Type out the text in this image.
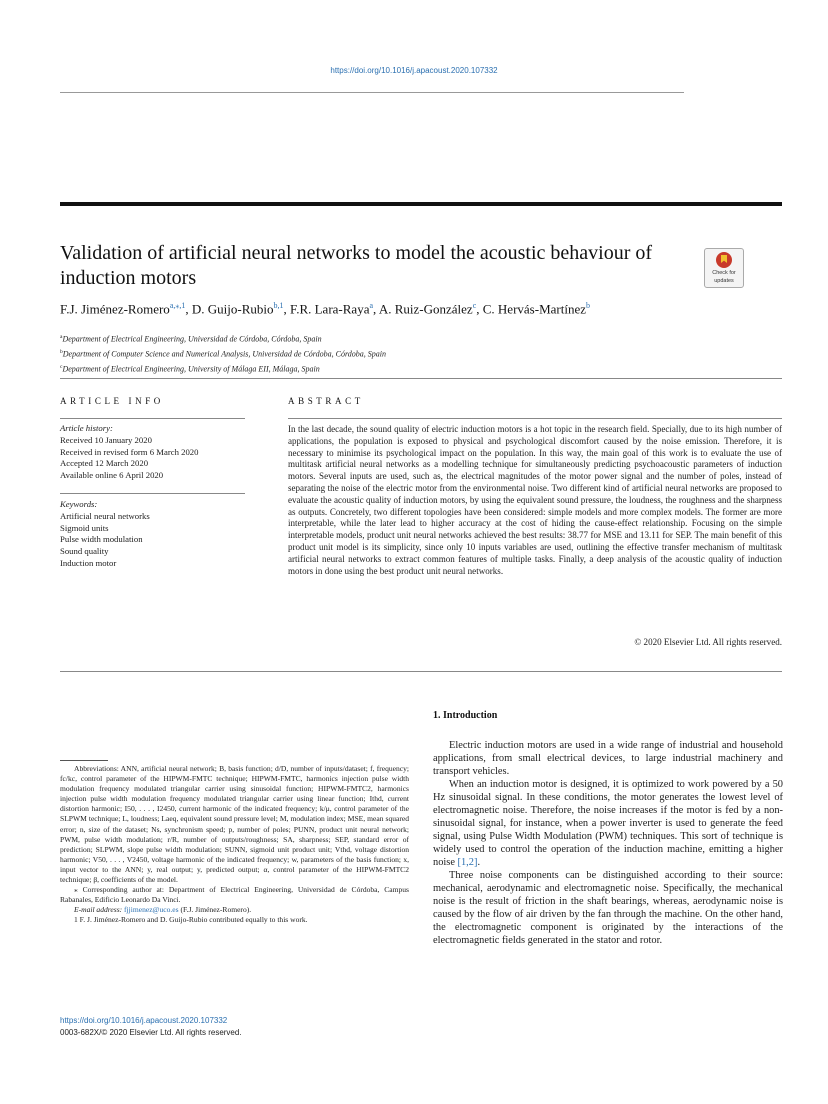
https://doi.org/10.1016/j.apacoust.2020.107332
Validation of artificial neural networks to model the acoustic behaviour of induction motors	Check for
updates
F.J. Jiménez-Romero$^{a,⁎,1}$, D. Guijo-Rubio$^{b,1}$, F.R. Lara-Raya$^a$, A. Ruiz-González$^c$, C. Hervás-Martínez$^b$
$^a$Department of Electrical Engineering, Universidad de Córdoba, Córdoba, Spain
$^b$Department of Computer Science and Numerical Analysis, Universidad de Córdoba, Córdoba, Spain
$^c$Department of Electrical Engineering, University of Málaga EII, Málaga, Spain
ARTICLE INFO	ABSTRACT
Article history:
Received 10 January 2020
Received in revised form 6 March 2020
Accepted 12 March 2020
Available online 6 April 2020
Keywords:
Artificial neural networks
Sigmoid units
Pulse width modulation
Sound quality
Induction motor
In the last decade, the sound quality of electric induction motors is a hot topic in the research field. Specially, due to its high number of applications, the population is exposed to physical and psychological discomfort caused by the noise emission. Therefore, it is necessary to minimise its psychological impact on the population. In this way, the main goal of this work is to evaluate the use of multitask artificial neural networks as a modelling technique for simultaneously predicting psychoacoustic parameters of induction motors. Several inputs are used, such as, the electrical magnitudes of the motor power signal and the number of poles, instead of separating the noise of the electric motor from the environmental noise. Two different kind of artificial neural networks are proposed to evaluate the acoustic quality of induction motors, by using the equivalent sound pressure, the loudness, the roughness and the sharpness as outputs. Concretely, two different topologies have been considered: simple models and more complex models. The former are more interpretable, while the later lead to higher accuracy at the cost of hiding the cause-effect relationship. Focusing on the simple interpretable models, product unit neural networks achieved the best results: 38.77 for MSE and 13.11 for SEP. The main benefit of this product unit model is its simplicity, since only 10 inputs variables are used, outlining the effective transfer mechanism of multitask artificial neural networks to extract common features of multiple tasks. Finally, a deep analysis of the acoustic quality of induction motors in done using the best product unit neural networks.
© 2020 Elsevier Ltd. All rights reserved.
1. Introduction

Electric induction motors are used in a wide range of industrial and household applications, from small electrical devices, to large industrial machinery and transport vehicles.

When an induction motor is designed, it is optimized to work powered by a 50 Hz sinusoidal signal. In these conditions, the motor generates the lowest level of electromagnetic noise. Therefore, the noise increases if the motor is fed by a non-sinusoidal signal, for instance, when a power inverter is used to generate the feed signal, using Pulse Width Modulation (PWM) techniques. This sort of technique is widely used to control the operation of the induction machine, emitting a higher noise [1,2].

Three noise components can be distinguished according to their source: mechanical, aerodynamic and electromagnetic noise. Specifically, the mechanical noise is the result of friction in the shaft bearings, whereas, aerodynamic noise is caused by the flow of air driven by the fan through the machine. On the other hand, the electromagnetic component is originated by the interactions of the electromagnetic fields generated in the stator and rotor.

Abbreviations: ANN, artificial neural network; B, basis function; d/D, number of inputs/dataset; f, frequency; fc/kc, control parameter of the HIPWM-FMTC technique; HIPWM-FMTC, harmonics injection pulse width modulation frequency modulated triangular carrier using sinusoidal function; HIPWM-FMTC2, harmonics injection pulse width modulation frequency modulated triangular carrier using linear function; Ithd, current distortion harmonic; I50, . . . , I2450, current harmonic of the indicated frequency; k/μ, control parameter of the SLPWM technique; L, loudness; Laeq, equivalent sound pressure level; M, modulation index; MSE, mean squared error; n, size of the dataset; Ns, synchronism speed; p, number of poles; PUNN, product unit neural network; PWM, pulse width modulation; r/R, number of outputs/roughness; SA, sharpness; SEP, standard error of prediction; SLPWM, slope pulse width modulation; SUNN, sigmoid unit product unit; Vthd, voltage distortion harmonic; V50, . . . , V2450, voltage harmonic of the indicated frequency; w, parameters of the basis function; x, input vector to the ANN; y, real output; y, predicted output; α, control parameter of the HIPWM-FMTC2 technique; β, coefficients of the model.

⁎ Corresponding author at: Department of Electrical Engineering, Universidad de Córdoba, Campus Rabanales, Edificio Leonardo Da Vinci.

E-mail address: fjjimenez@uco.es (F.J. Jiménez-Romero).

1 F. J. Jiménez-Romero and D. Guijo-Rubio contributed equally to this work.

https://doi.org/10.1016/j.apacoust.2020.107332
0003-682X/© 2020 Elsevier Ltd. All rights reserved.
